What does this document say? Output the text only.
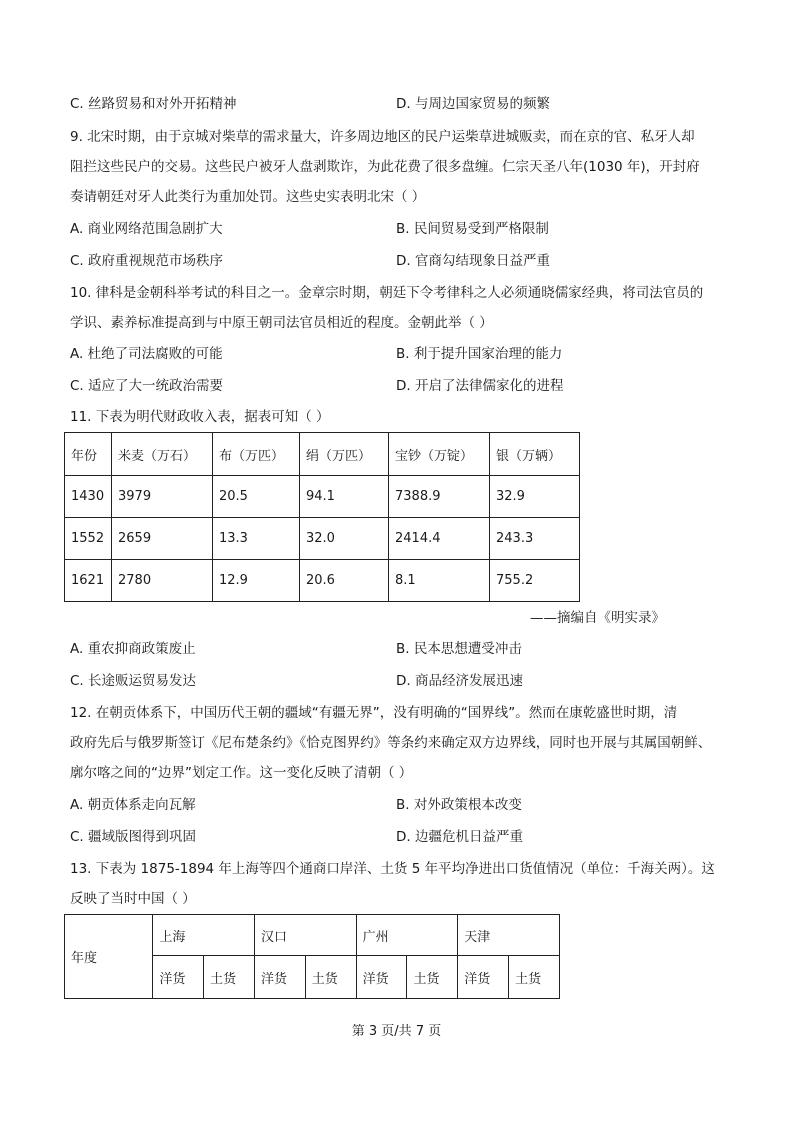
C. 丝路贸易和对外开拓精神	D. 与周边国家贸易的频繁
9. 北宋时期，由于京城对柴草的需求量大，许多周边地区的民户运柴草进城贩卖，而在京的官、私牙人却
阻拦这些民户的交易。这些民户被牙人盘剥欺诈，为此花费了很多盘缠。仁宗天圣八年(1030 年)，开封府
奏请朝廷对牙人此类行为重加处罚。这些史实表明北宋（ ）
A. 商业网络范围急剧扩大	B. 民间贸易受到严格限制
C. 政府重视规范市场秩序	D. 官商勾结现象日益严重
10. 律科是金朝科举考试的科目之一。金章宗时期，朝廷下令考律科之人必须通晓儒家经典，将司法官员的
学识、素养标准提高到与中原王朝司法官员相近的程度。金朝此举（ ）
A. 杜绝了司法腐败的可能	B. 利于提升国家治理的能力
C. 适应了大一统政治需要	D. 开启了法律儒家化的进程
11. 下表为明代财政收入表，据表可知（ ）
年份	米麦（万石）	布（万匹）	绢（万匹）	宝钞（万锭）	银（万辆）
1430	3979	20.5	94.1	7388.9	32.9
1552	2659	13.3	32.0	2414.4	243.3
1621	2780	12.9	20.6	8.1	755.2
——摘编自《明实录》
A. 重农抑商政策废止	B. 民本思想遭受冲击
C. 长途贩运贸易发达	D. 商品经济发展迅速
12. 在朝贡体系下，中国历代王朝的疆域“有疆无界”，没有明确的“国界线”。然而在康乾盛世时期，清
政府先后与俄罗斯签订《尼布楚条约》《恰克图界约》等条约来确定双方边界线，同时也开展与其属国朝鲜、
廓尔喀之间的“边界”划定工作。这一变化反映了清朝（ ）
A. 朝贡体系走向瓦解	B. 对外政策根本改变
C. 疆域版图得到巩固	D. 边疆危机日益严重
13. 下表为 1875-1894 年上海等四个通商口岸洋、土货 5 年平均净进出口货值情况（单位：千海关两）。这
反映了当时中国（ ）
年度	上海		汉口		广州		天津	
	洋货	土货	洋货	土货	洋货	土货	洋货	土货
第 3 页/共 7 页
